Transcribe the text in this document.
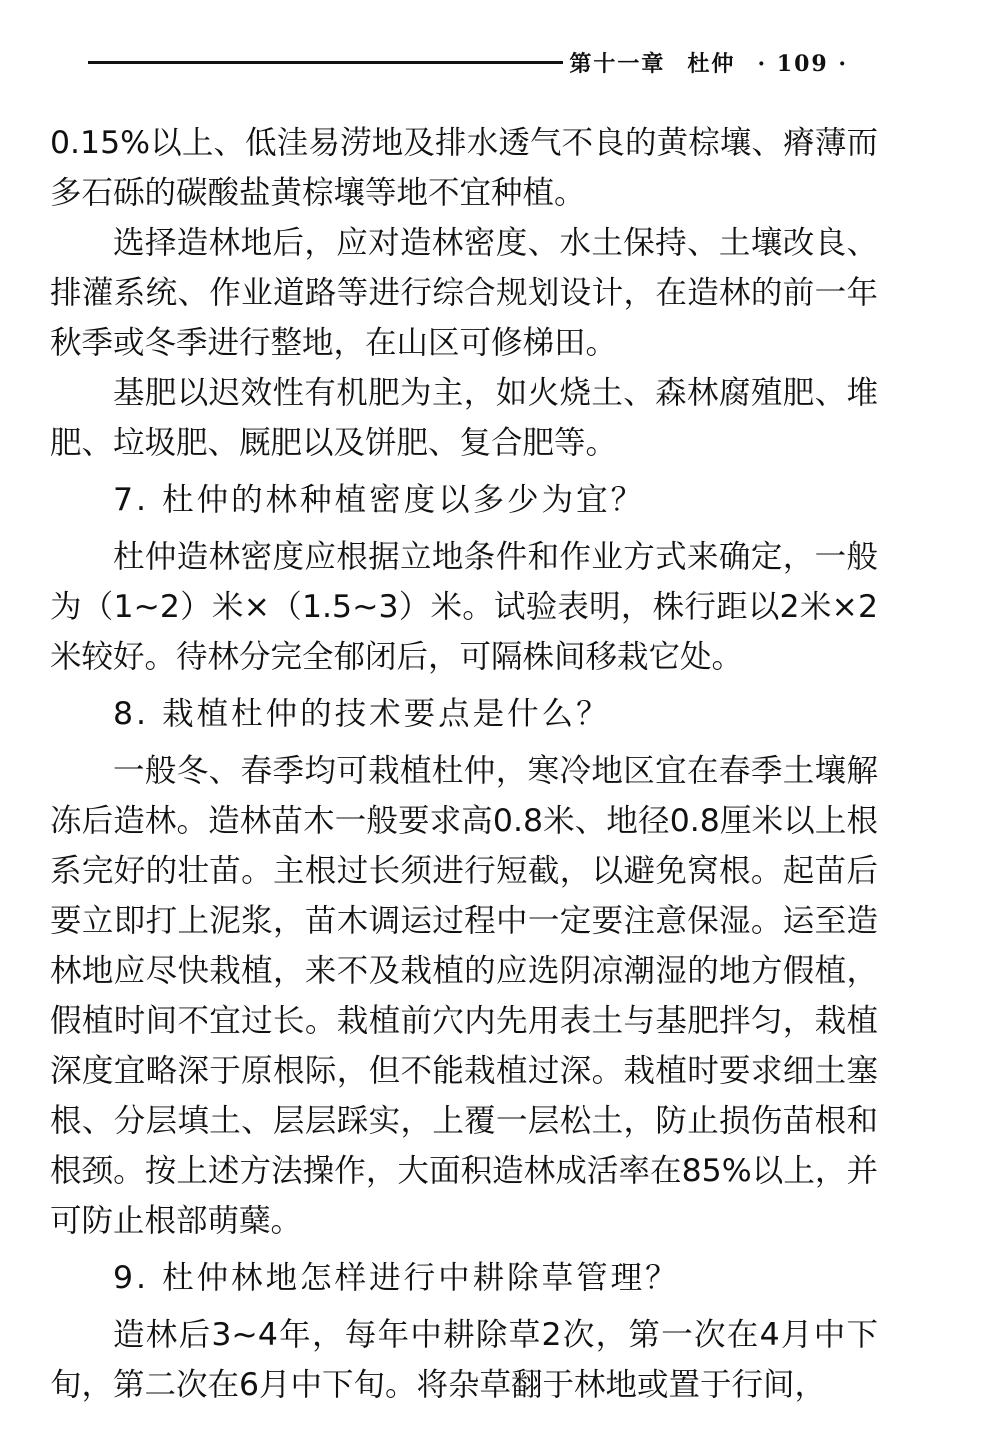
第十一章 杜仲 · 109 ·

0.15%以上、低洼易涝地及排水透气不良的黄棕壤、瘠薄而多石砾的碳酸盐黄棕壤等地不宜种植。

选择造林地后，应对造林密度、水土保持、土壤改良、排灌系统、作业道路等进行综合规划设计，在造林的前一年秋季或冬季进行整地，在山区可修梯田。

基肥以迟效性有机肥为主，如火烧土、森林腐殖肥、堆肥、垃圾肥、厩肥以及饼肥、复合肥等。

7. 杜仲的林种植密度以多少为宜？

杜仲造林密度应根据立地条件和作业方式来确定，一般为（1~2）米×（1.5~3）米。试验表明，株行距以2米×2米较好。待林分完全郁闭后，可隔株间移栽它处。

8. 栽植杜仲的技术要点是什么？

一般冬、春季均可栽植杜仲，寒冷地区宜在春季土壤解冻后造林。造林苗木一般要求高0.8米、地径0.8厘米以上根系完好的壮苗。主根过长须进行短截，以避免窝根。起苗后要立即打上泥浆，苗木调运过程中一定要注意保湿。运至造林地应尽快栽植，来不及栽植的应选阴凉潮湿的地方假植，假植时间不宜过长。栽植前穴内先用表土与基肥拌匀，栽植深度宜略深于原根际，但不能栽植过深。栽植时要求细土塞根、分层填土、层层踩实，上覆一层松土，防止损伤苗根和根颈。按上述方法操作，大面积造林成活率在85%以上，并可防止根部萌蘖。

9. 杜仲林地怎样进行中耕除草管理？

造林后3~4年，每年中耕除草2次，第一次在4月中下旬，第二次在6月中下旬。将杂草翻于林地或置于行间，
